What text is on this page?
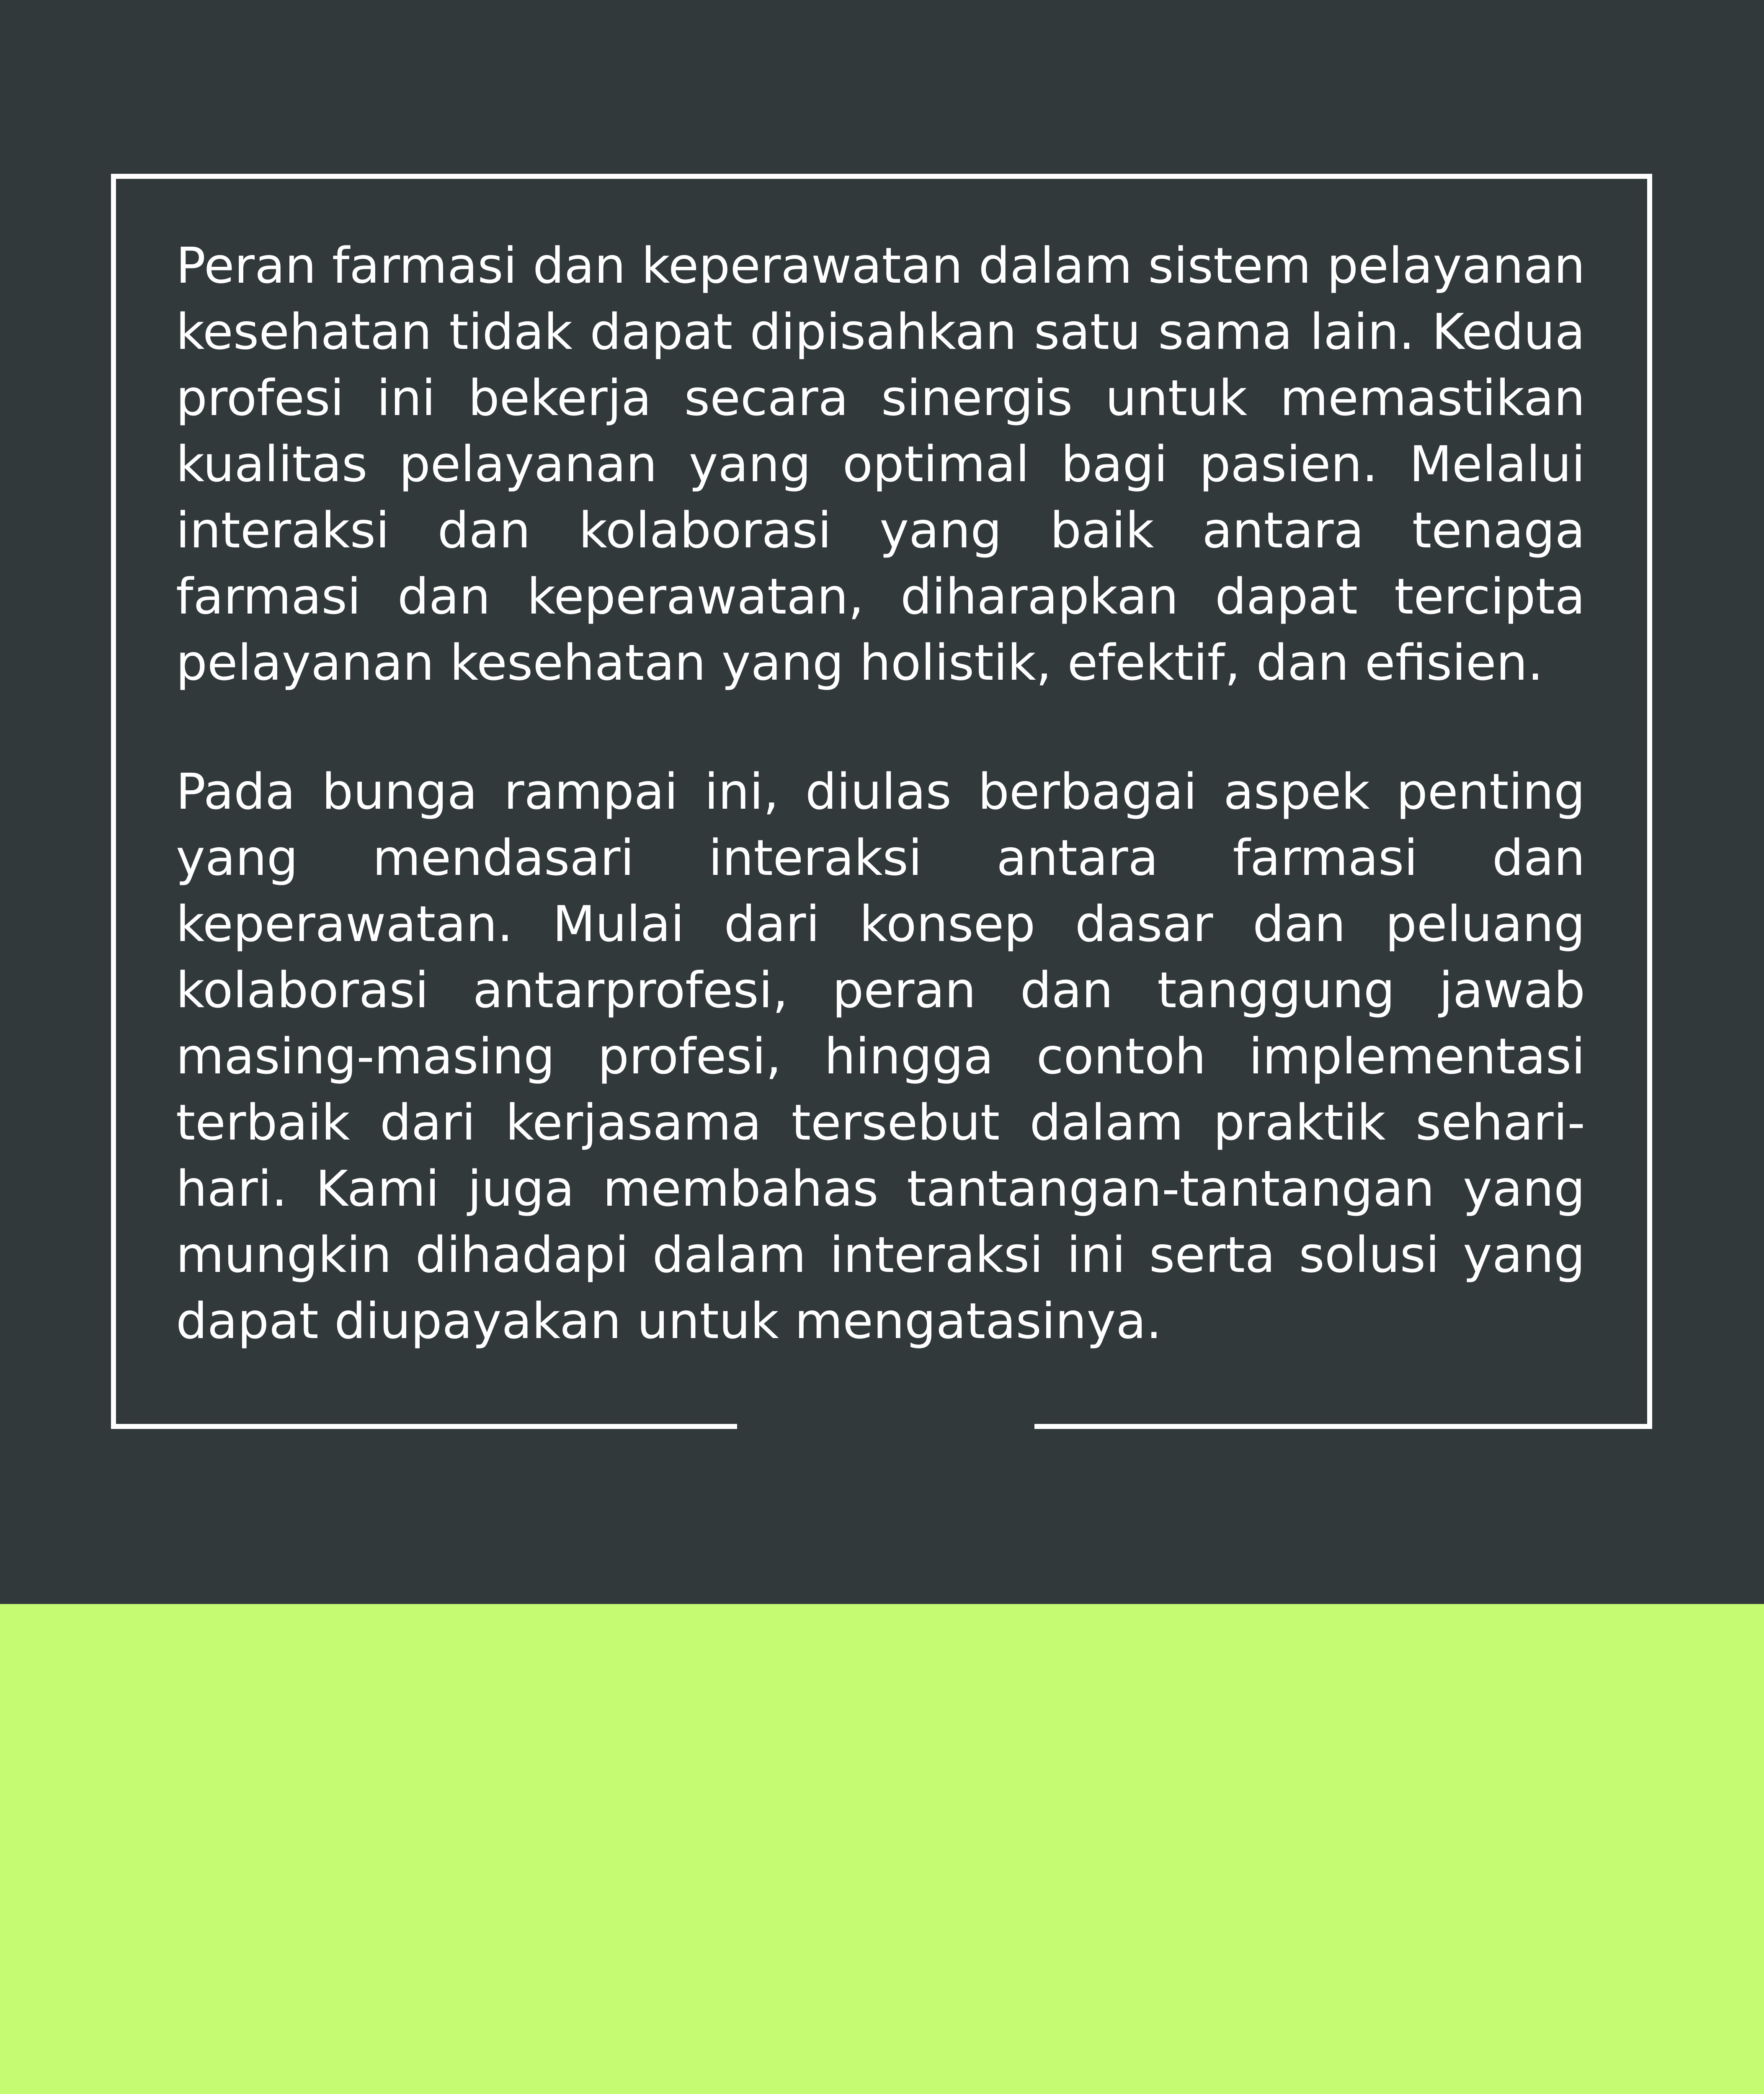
Peran farmasi dan keperawatan dalam sistem pelayanan kesehatan tidak dapat dipisahkan satu sama lain. Kedua profesi ini bekerja secara sinergis untuk memastikan kualitas pelayanan yang optimal bagi pasien. Melalui interaksi dan kolaborasi yang baik antara tenaga farmasi dan keperawatan, diharapkan dapat tercipta pelayanan kesehatan yang holistik, efektif, dan efisien.

Pada bunga rampai ini, diulas berbagai aspek penting yang mendasari interaksi antara farmasi dan keperawatan. Mulai dari konsep dasar dan peluang kolaborasi antarprofesi, peran dan tanggung jawab masing-masing profesi, hingga contoh implementasi terbaik dari kerjasama tersebut dalam praktik sehari-hari. Kami juga membahas tantangan-tantangan yang mungkin dihadapi dalam interaksi ini serta solusi yang dapat diupayakan untuk mengatasinya.
